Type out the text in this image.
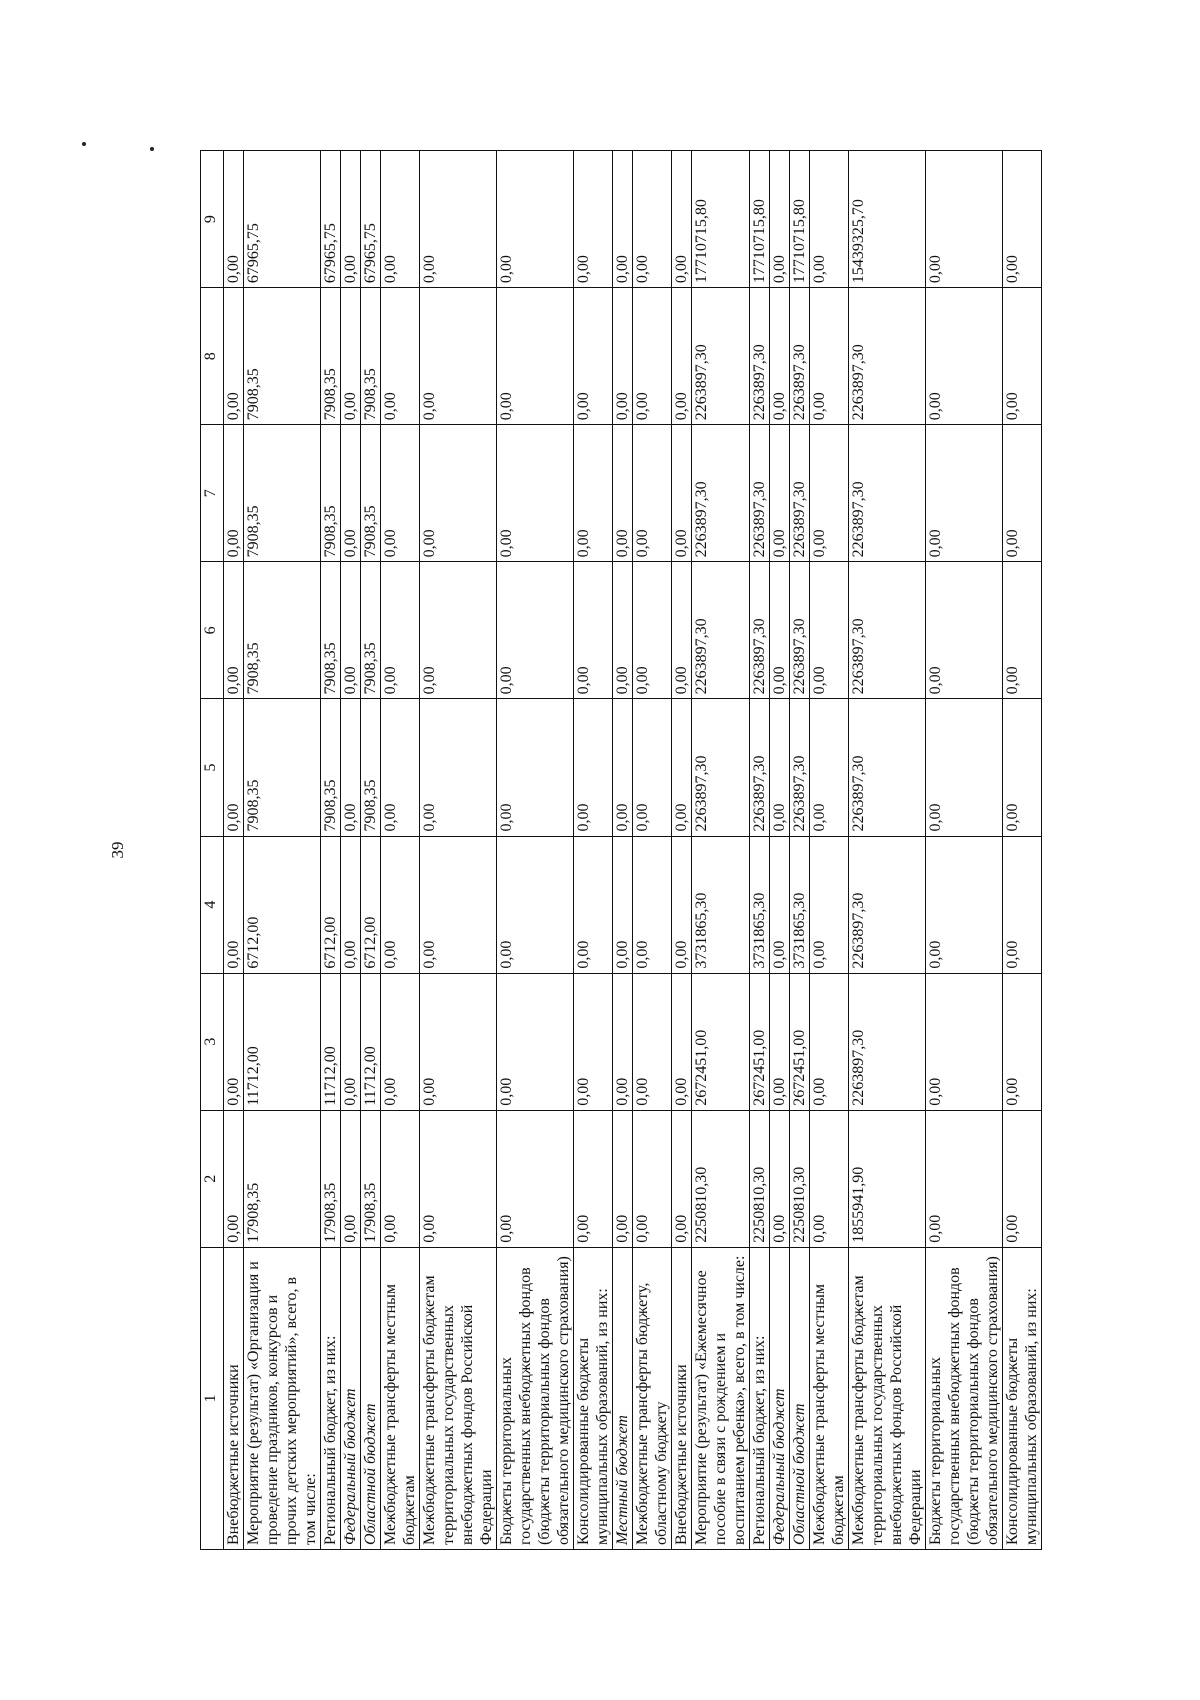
39
1	2	3	4	5	6	7	8	9
Внебюджетные источники	0,00	0,00	0,00	0,00	0,00	0,00	0,00	0,00
Мероприятие (результат) «Организация и проведение праздников, конкурсов и прочих детских мероприятий», всего, в том числе:	17908,35	11712,00	6712,00	7908,35	7908,35	7908,35	7908,35	67965,75
Региональный бюджет, из них:	17908,35	11712,00	6712,00	7908,35	7908,35	7908,35	7908,35	67965,75
Федеральный бюджет	0,00	0,00	0,00	0,00	0,00	0,00	0,00	0,00
Областной бюджет	17908,35	11712,00	6712,00	7908,35	7908,35	7908,35	7908,35	67965,75
Межбюджетные трансферты местным бюджетам	0,00	0,00	0,00	0,00	0,00	0,00	0,00	0,00
Межбюджетные трансферты бюджетам территориальных государственных внебюджетных фондов Российской Федерации	0,00	0,00	0,00	0,00	0,00	0,00	0,00	0,00
Бюджеты территориальных государственных внебюджетных фондов (бюджеты территориальных фондов обязательного медицинского страхования)	0,00	0,00	0,00	0,00	0,00	0,00	0,00	0,00
Консолидированные бюджеты муниципальных образований, из них:	0,00	0,00	0,00	0,00	0,00	0,00	0,00	0,00
Местный бюджет	0,00	0,00	0,00	0,00	0,00	0,00	0,00	0,00
Межбюджетные трансферты бюджету, областному бюджету	0,00	0,00	0,00	0,00	0,00	0,00	0,00	0,00
Внебюджетные источники	0,00	0,00	0,00	0,00	0,00	0,00	0,00	0,00
Мероприятие (результат) «Ежемесячное пособие в связи с рождением и воспитанием ребенка», всего, в том числе:	2250810,30	2672451,00	3731865,30	2263897,30	2263897,30	2263897,30	2263897,30	17710715,80
Региональный бюджет, из них:	2250810,30	2672451,00	3731865,30	2263897,30	2263897,30	2263897,30	2263897,30	17710715,80
Федеральный бюджет	0,00	0,00	0,00	0,00	0,00	0,00	0,00	0,00
Областной бюджет	2250810,30	2672451,00	3731865,30	2263897,30	2263897,30	2263897,30	2263897,30	17710715,80
Межбюджетные трансферты местным бюджетам	0,00	0,00	0,00	0,00	0,00	0,00	0,00	0,00
Межбюджетные трансферты бюджетам территориальных государственных внебюджетных фондов Российской Федерации	1855941,90	2263897,30	2263897,30	2263897,30	2263897,30	2263897,30	2263897,30	15439325,70
Бюджеты территориальных государственных внебюджетных фондов (бюджеты территориальных фондов обязательного медицинского страхования)	0,00	0,00	0,00	0,00	0,00	0,00	0,00	0,00
Консолидированные бюджеты муниципальных образований, из них:	0,00	0,00	0,00	0,00	0,00	0,00	0,00	0,00
